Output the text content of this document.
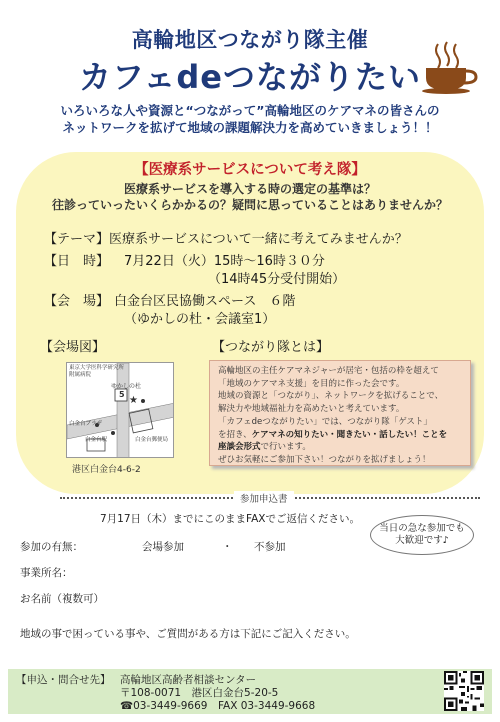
高輪地区つながり隊主催
カフェdeつながりたい
いろいろな人や資源と“つながって”高輪地区のケアマネの皆さんの
ネットワークを拡げて地域の課題解決力を高めていきましょう！！
【医療系サービスについて考え隊】
医療系サービスを導入する時の選定の基準は？
往診っていったいくらかかるの？疑問に思っていることはありませんか？
【テーマ】医療系サービスについて一緒に考えてみませんか？
【日　時】 7月22日（火）15時～16時３０分
（14時45分受付開始）
【会　場】 白金台区民協働スペース　６階
（ゆかしの杜・会議室1）
【会場図】
★
東京大学医科学研究所
附属病院
ゆかしの杜
5
白金台プラザ
白金台駅	白金台郵便局
港区白金台4-6-2
【つながり隊とは】
高輪地区の主任ケアマネジャーが居宅・包括の枠を超えて
「地域のケアマネ支援」を目的に作った会です。
地域の資源と「つながり」、ネットワークを拡げることで、
解決力や地域福祉力を高めたいと考えています。
「カフェdeつながりたい」では、つながり隊「ゲスト」
を招き、ケアマネの知りたい・聞きたい・話したい！ことを
座談会形式で行います。
ぜひお気軽にご参加下さい！つながりを拡げましょう！
参加申込書
7月17日（木）までにこのままFAXでご返信ください。
当日の急な参加でも
大歓迎です♪
参加の有無：	会場参加	・ 不参加
事業所名：
お名前（複数可）
地域の事で困っている事や、ご質問がある方は下記にご記入ください。
【申込・問合せ先】 高輪地区高齢者相談センター
〒108-0071　港区白金台5-20-5
☎03-3449-9669　FAX 03-3449-9668
